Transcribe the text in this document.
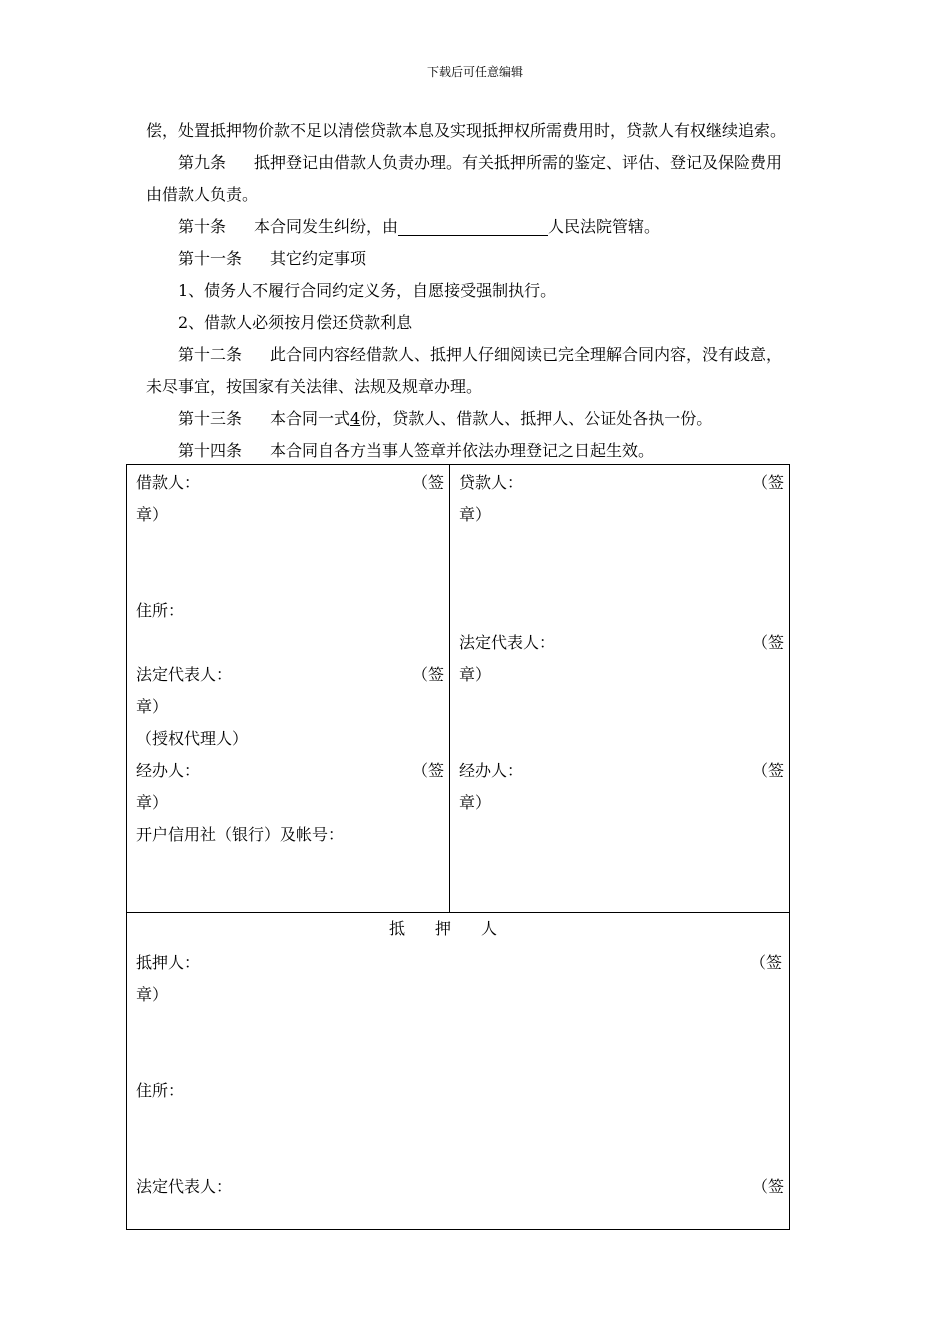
下载后可任意编辑
偿，处置抵押物价款不足以清偿贷款本息及实现抵押权所需费用时，贷款人有权继续追索。
第九条 抵押登记由借款人负责办理。有关抵押所需的鉴定、评估、登记及保险费用
由借款人负责。
第十条 本合同发生纠纷，由	人民法院管辖。
第十一条 其它约定事项
1、债务人不履行合同约定义务，自愿接受强制执行。
2、借款人必须按月偿还贷款利息
第十二条 此合同内容经借款人、抵押人仔细阅读已完全理解合同内容，没有歧意，
未尽事宜，按国家有关法律、法规及规章办理。
第十三条 本合同一式4份，贷款人、借款人、抵押人、公证处各执一份。
第十四条 本合同自各方当事人签章并依法办理登记之日起生效。
借款人：	（签
章）
住所：
法定代表人：	（签
章）
（授权代理人）
经办人：	（签
章）
开户信用社（银行）及帐号：
贷款人：	（签
章）
法定代表人：	（签
章）
经办人：	（签
章）
抵押人
抵押人：	（签
章）
住所：
法定代表人：	（签
